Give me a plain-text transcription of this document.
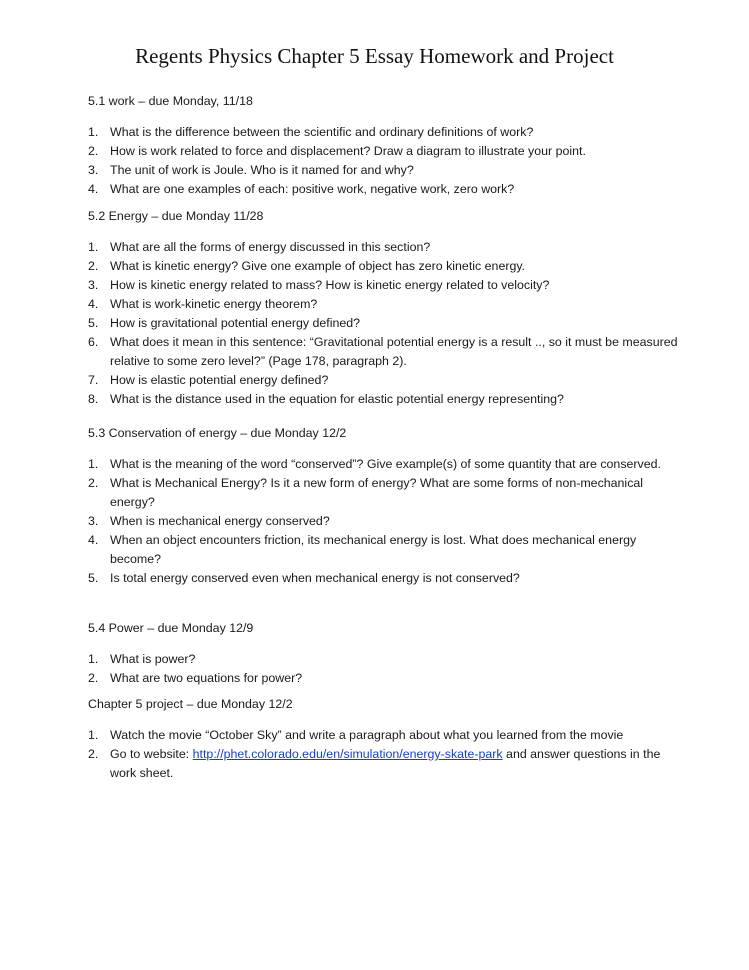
Regents Physics Chapter 5 Essay Homework and Project

5.1 work – due Monday, 11/18

1. What is the difference between the scientific and ordinary definitions of work?
2. How is work related to force and displacement? Draw a diagram to illustrate your point.
3. The unit of work is Joule. Who is it named for and why?
4. What are one examples of each: positive work, negative work, zero work?

5.2 Energy – due Monday 11/28

1. What are all the forms of energy discussed in this section?
2. What is kinetic energy? Give one example of object has zero kinetic energy.
3. How is kinetic energy related to mass? How is kinetic energy related to velocity?
4. What is work-kinetic energy theorem?
5. How is gravitational potential energy defined?
6. What does it mean in this sentence: “Gravitational potential energy is a result .., so it must be measured relative to some zero level?” (Page 178, paragraph 2).
7. How is elastic potential energy defined?
8. What is the distance used in the equation for elastic potential energy representing?

5.3 Conservation of energy – due Monday 12/2

1. What is the meaning of the word “conserved”? Give example(s) of some quantity that are conserved.
2. What is Mechanical Energy? Is it a new form of energy? What are some forms of non-mechanical energy?
3. When is mechanical energy conserved?
4. When an object encounters friction, its mechanical energy is lost. What does mechanical energy become?
5. Is total energy conserved even when mechanical energy is not conserved?

5.4 Power – due Monday 12/9

1. What is power?
2. What are two equations for power?

Chapter 5 project – due Monday 12/2

1. Watch the movie “October Sky” and write a paragraph about what you learned from the movie
2. Go to website: http://phet.colorado.edu/en/simulation/energy-skate-park and answer questions in the work sheet.
